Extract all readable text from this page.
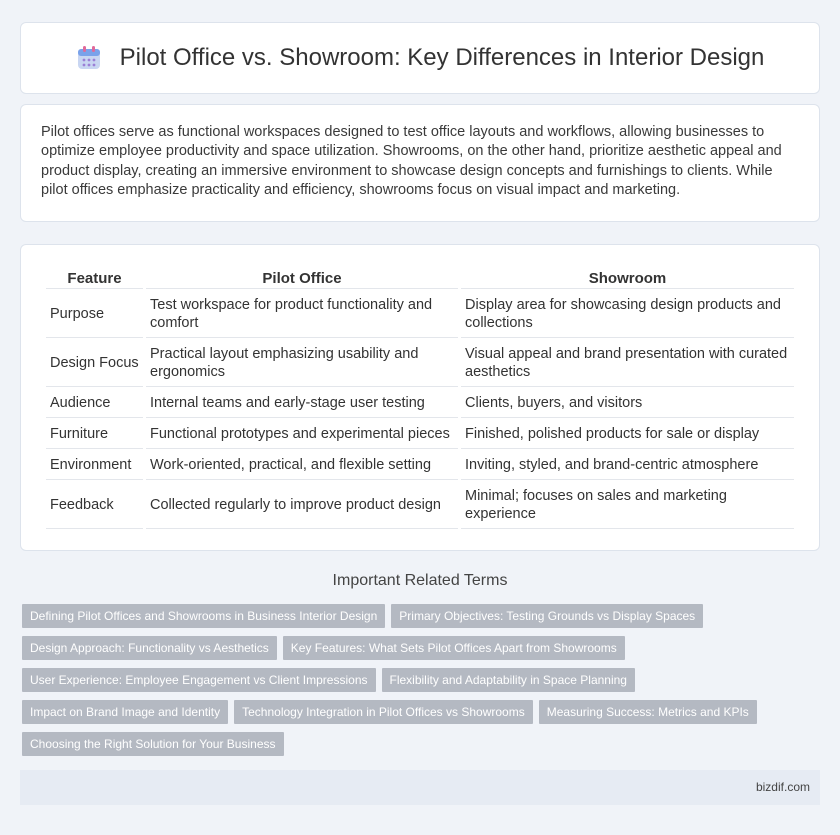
Pilot Office vs. Showroom: Key Differences in Interior Design

Pilot offices serve as functional workspaces designed to test office layouts and workflows, allowing businesses to optimize employee productivity and space utilization. Showrooms, on the other hand, prioritize aesthetic appeal and product display, creating an immersive environment to showcase design concepts and furnishings to clients. While pilot offices emphasize practicality and efficiency, showrooms focus on visual impact and marketing.

Feature	Pilot Office	Showroom
Purpose	Test workspace for product functionality and comfort	Display area for showcasing design products and collections
Design Focus	Practical layout emphasizing usability and ergonomics	Visual appeal and brand presentation with curated aesthetics
Audience	Internal teams and early-stage user testing	Clients, buyers, and visitors
Furniture	Functional prototypes and experimental pieces	Finished, polished products for sale or display
Environment	Work-oriented, practical, and flexible setting	Inviting, styled, and brand-centric atmosphere
Feedback	Collected regularly to improve product design	Minimal; focuses on sales and marketing experience
Important Related Terms
Defining Pilot Offices and Showrooms in Business Interior Design	Primary Objectives: Testing Grounds vs Display Spaces
Design Approach: Functionality vs Aesthetics	Key Features: What Sets Pilot Offices Apart from Showrooms
User Experience: Employee Engagement vs Client Impressions	Flexibility and Adaptability in Space Planning
Impact on Brand Image and Identity	Technology Integration in Pilot Offices vs Showrooms	Measuring Success: Metrics and KPIs
Choosing the Right Solution for Your Business
bizdif.com
